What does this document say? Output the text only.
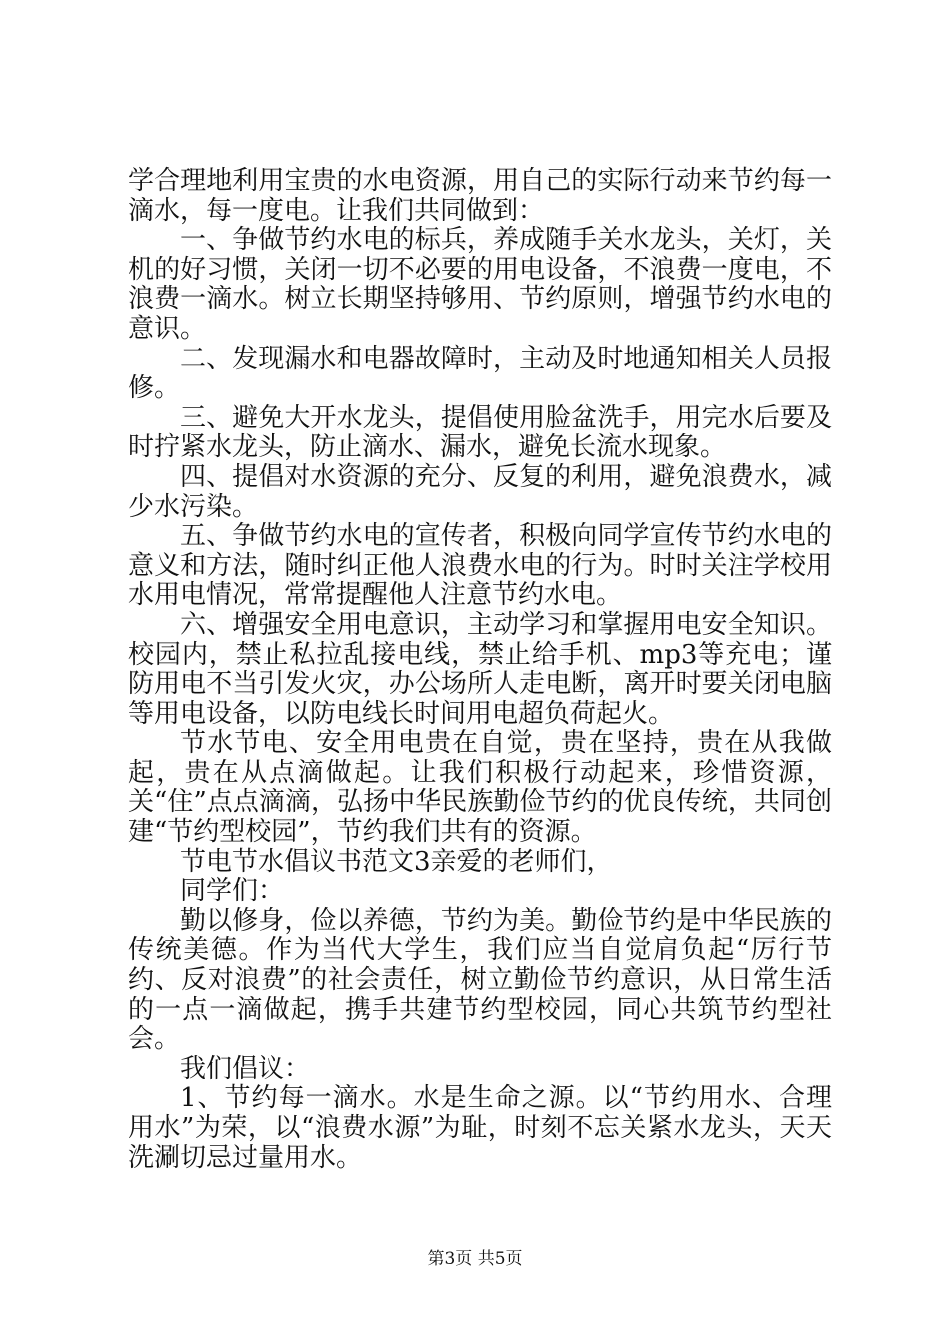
学合理地利用宝贵的水电资源，用自己的实际行动来节约每一滴水，每一度电。让我们共同做到：

一、争做节约水电的标兵，养成随手关水龙头，关灯，关机的好习惯，关闭一切不必要的用电设备，不浪费一度电，不浪费一滴水。树立长期坚持够用、节约原则，增强节约水电的意识。

二、发现漏水和电器故障时，主动及时地通知相关人员报修。

三、避免大开水龙头，提倡使用脸盆洗手，用完水后要及时拧紧水龙头，防止滴水、漏水，避免长流水现象。

四、提倡对水资源的充分、反复的利用，避免浪费水，减少水污染。

五、争做节约水电的宣传者，积极向同学宣传节约水电的意义和方法，随时纠正他人浪费水电的行为。时时关注学校用水用电情况，常常提醒他人注意节约水电。

六、增强安全用电意识，主动学习和掌握用电安全知识。校园内，禁止私拉乱接电线，禁止给手机、mp3等充电；谨防用电不当引发火灾，办公场所人走电断，离开时要关闭电脑等用电设备，以防电线长时间用电超负荷起火。

节水节电、安全用电贵在自觉，贵在坚持，贵在从我做起，贵在从点滴做起。让我们积极行动起来，珍惜资源，关“住”点点滴滴，弘扬中华民族勤俭节约的优良传统，共同创建“节约型校园”，节约我们共有的资源。

节电节水倡议书范文3亲爱的老师们，

同学们：

勤以修身，俭以养德，节约为美。勤俭节约是中华民族的传统美德。作为当代大学生，我们应当自觉肩负起“厉行节约、反对浪费”的社会责任，树立勤俭节约意识，从日常生活的一点一滴做起，携手共建节约型校园，同心共筑节约型社会。

我们倡议：

1、节约每一滴水。水是生命之源。以“节约用水、合理用水”为荣，以“浪费水源”为耻，时刻不忘关紧水龙头，天天洗涮切忌过量用水。

第3页 共5页
